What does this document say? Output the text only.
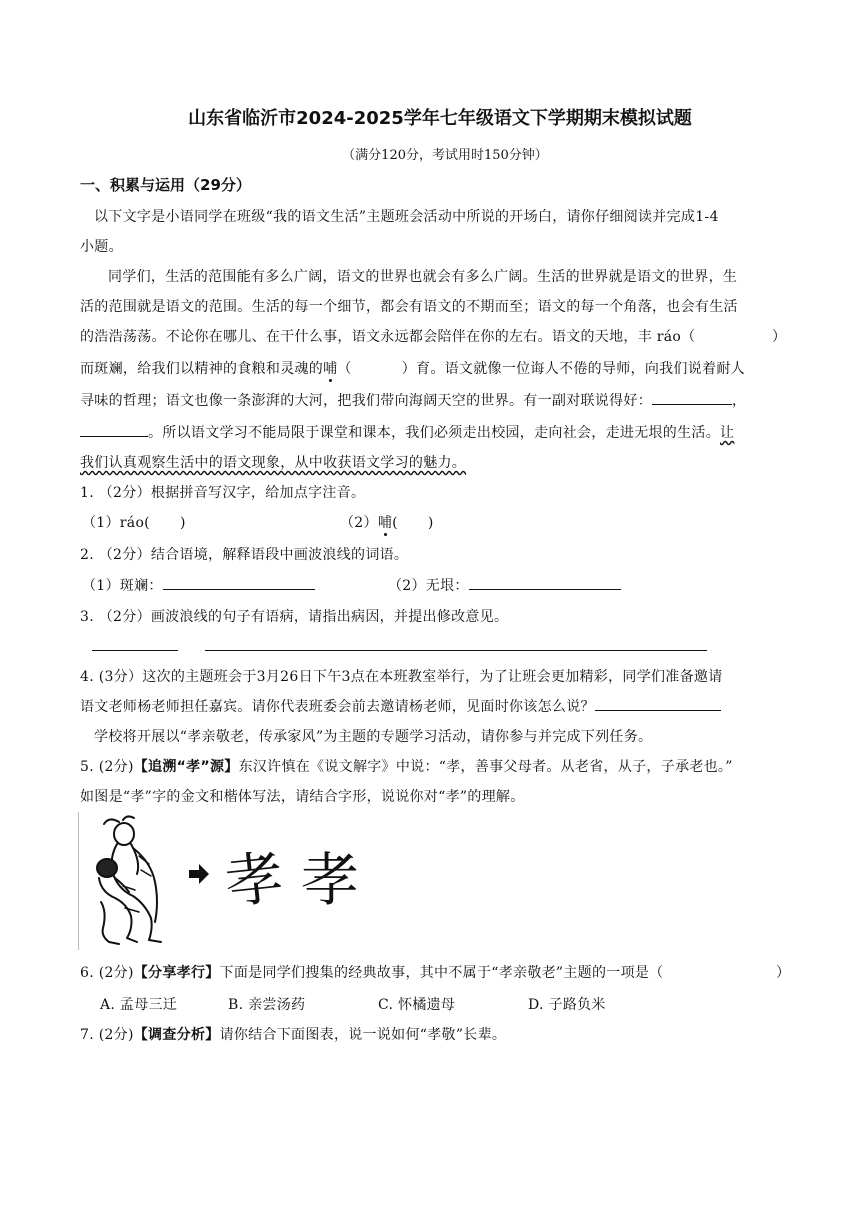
山东省临沂市2024-2025学年七年级语文下学期期末模拟试题
（满分120分，考试用时150分钟）
一、积累与运用（29分）
以下文字是小语同学在班级“我的语文生活”主题班会活动中所说的开场白，请你仔细阅读并完成1-4
小题。
同学们，生活的范围能有多么广阔，语文的世界也就会有多么广阔。生活的世界就是语文的世界，生
活的范围就是语文的范围。生活的每一个细节，都会有语文的不期而至；语文的每一个角落，也会有生活
的浩浩荡荡。不论你在哪儿、在干什么事，语文永远都会陪伴在你的左右。语文的天地，丰 ráo（	）
而斑斓，给我们以精神的食粮和灵魂的哺（	）育。语文就像一位诲人不倦的导师，向我们说着耐人
寻味的哲理；语文也像一条澎湃的大河，把我们带向海阔天空的世界。有一副对联说得好：	，
。所以语文学习不能局限于课堂和课本，我们必须走出校园，走向社会，走进无垠的生活。让
我们认真观察生活中的语文现象，从中收获语文学习的魅力。
1. （2分）根据拼音写汉字，给加点字注音。
（1）ráo( )	（2）哺( )
2. （2分）结合语境，解释语段中画波浪线的词语。
（1）斑斓：	（2）无垠：
3. （2分）画波浪线的句子有语病，请指出病因，并提出修改意见。
4. (3分）这次的主题班会于3月26日下午3点在本班教室举行，为了让班会更加精彩，同学们准备邀请
语文老师杨老师担任嘉宾。请你代表班委会前去邀请杨老师，见面时你该怎么说？
学校将开展以“孝亲敬老，传承家风”为主题的专题学习活动，请你参与并完成下列任务。
5. (2分)【追溯“孝”源】东汉许慎在《说文解字》中说：“孝，善事父母者。从老省，从子，子承老也。”
如图是“孝”字的金文和楷体写法，请结合字形，说说你对“孝”的理解。
孝 孝
6. (2分)【分享孝行】下面是同学们搜集的经典故事，其中不属于“孝亲敬老”主题的一项是（	）
A. 孟母三迁	B. 亲尝汤药	C. 怀橘遗母	D. 子路负米
7. (2分)【调查分析】请你结合下面图表，说一说如何“孝敬”长辈。
